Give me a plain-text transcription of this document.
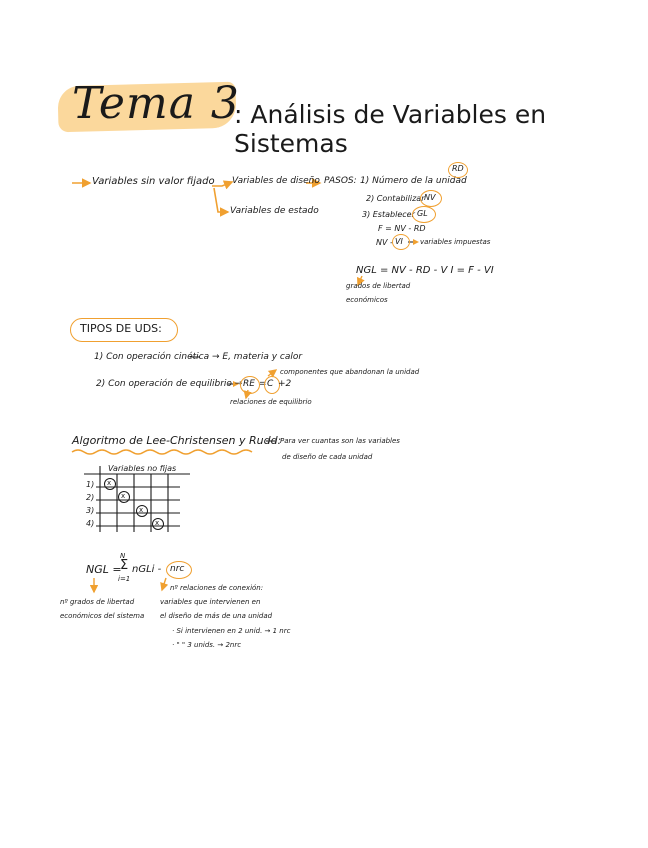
Tema 3
: Análisis de Variables en Sistemas
Variables sin valor fijado Variables de diseño
Variables de estado
PASOS: 1) Número de la unidad
RD
2) Contabilizar NV
3) Establecer GL
F = NV - RD
NV - VI variables impuestas
NGL = NV - RD - V I = F - VI
grados de libertad
económicos
TIPOS DE UDS:
1) Con operación cinética → E, materia y calor
2) Con operación de equilibrio → RE = C +2
componentes que abandonan la unidad
relaciones de equilibrio
Algoritmo de Lee-Christensen y Rudd:
Para ver cuantas son las variables
de diseño de cada unidad
Variables no fijas
1)
2)
3)
4)
x
x
x
x
NGL =
Σ
N
i=1
nGLi - nrc
nº grados de libertad
económicos del sistema
nº relaciones de conexión:
variables que intervienen en
el diseño de más de una unidad
· Si intervienen en 2 unid. → 1 nrc
· " " 3 unids. → 2nrc
